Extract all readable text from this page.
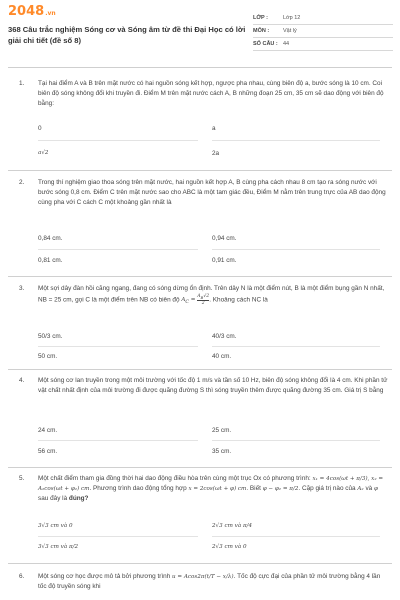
2048.vn
368 Câu trắc nghiệm Sóng cơ và Sóng âm từ đề thi Đại Học có lời giải chi tiết (đề số 8)
LỚP :	Lớp 12
MÔN :	Vật lý
SỐ CÂU : 44
1. Tại hai điểm A và B trên mặt nước có hai nguồn sóng kết hợp, ngược pha nhau, cùng biên độ a, bước sóng là 10 cm. Coi biên độ sóng không đổi khi truyền đi. Điểm M trên mặt nước cách A, B những đoạn 25 cm, 35 cm sẽ dao động với biên độ bằng:
0	a
a√2	2a
2. Trong thí nghiệm giao thoa sóng trên mặt nước, hai nguồn kết hợp A, B cùng pha cách nhau 8 cm tạo ra sóng nước với bước sóng 0,8 cm. Điểm C trên mặt nước sao cho ABC là một tam giác đều, Điểm M nằm trên trung trực của AB dao động cùng pha với C cách C một khoảng gần nhất là
0,84 cm.	0,94 cm.
0,81 cm.	0,91 cm.
3. Một sợi dây đàn hồi căng ngang, đang có sóng dừng ổn định. Trên dây N là một điểm nút, B là một điểm bụng gần N nhất, NB = 25 cm, gọi C là một điểm trên NB có biên độ $A_C = \frac{A_B√2}{2}$ . Khoảng cách NC là
50/3 cm.	40/3 cm.
50 cm.	40 cm.
4. Một sóng cơ lan truyền trong một môi trường với tốc độ 1 m/s và tần số 10 Hz, biên độ sóng không đổi là 4 cm. Khi phần tử vật chất nhất định của môi trường đi được quãng đường S thì sóng truyền thêm được quãng đường 35 cm. Giá trị S bằng
24 cm.	25 cm.
56 cm.	35 cm.
5. Một chất điểm tham gia đồng thời hai dao động điều hòa trên cùng một trục Ox có phương trình: x₁ = 4cos(ωt + π/3), x₂ = A₂cos(ωt + φ₂) cm. Phương trình dao động tổng hợp x = 2cos(ωt + φ) cm. Biết φ − φ₂ = π/2. Cặp giá trị nào của A₂ và φ sau đây là đúng?
3√3 cm và 0	2√3 cm và π/4
3√3 cm và π/2	2√3 cm và 0
6. Một sóng cơ học được mô tả bởi phương trình u = Acos2π(t/T − x/λ). Tốc độ cực đại của phần tử môi trường bằng 4 lần tốc độ truyền sóng khi
